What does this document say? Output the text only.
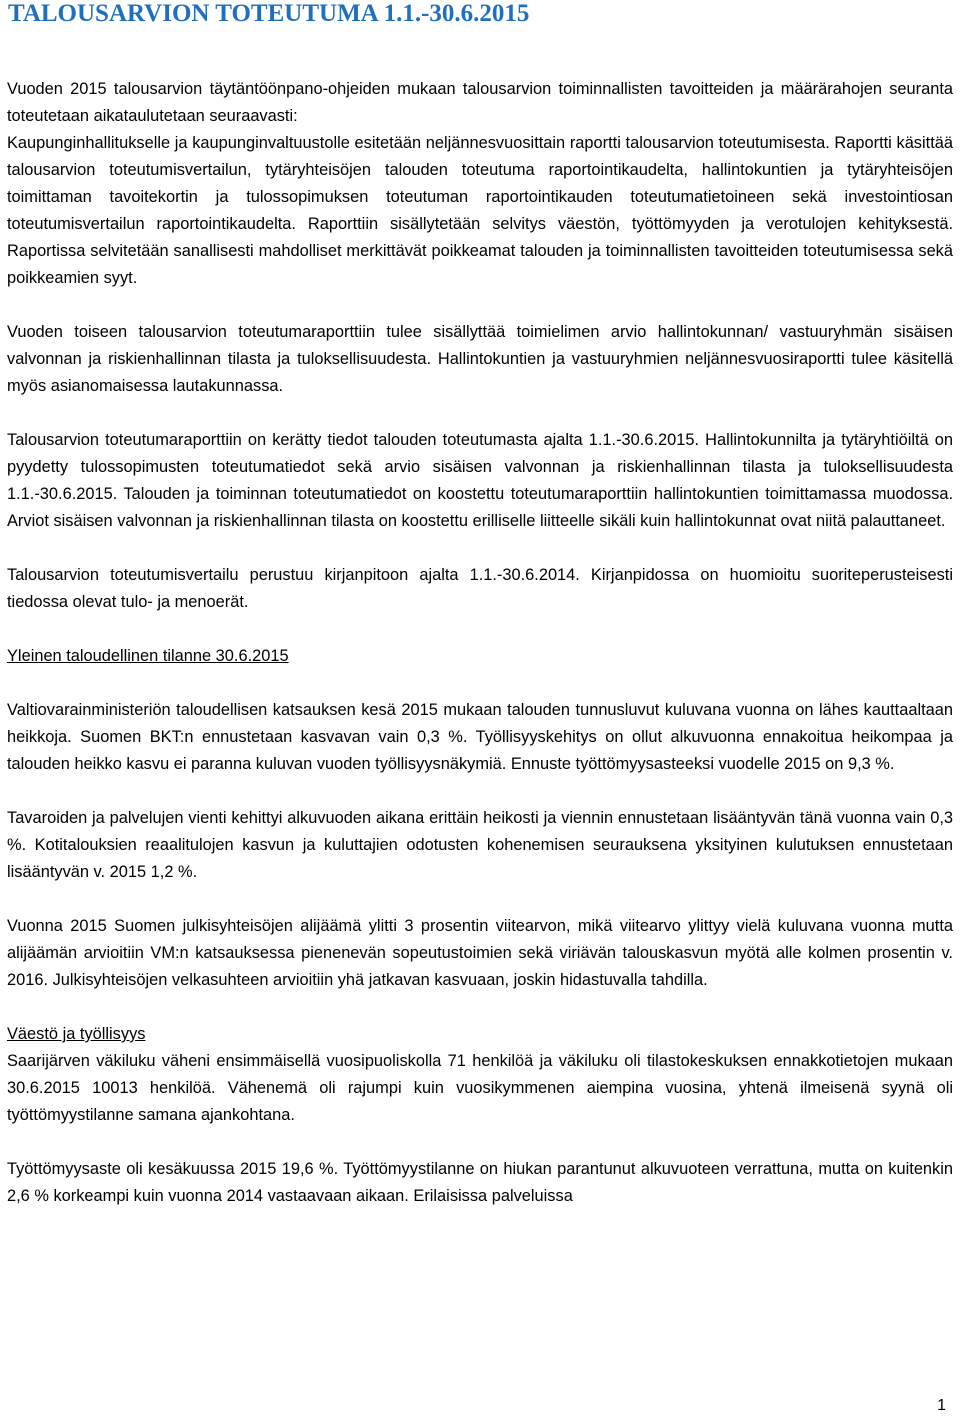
TALOUSARVION TOTEUTUMA 1.1.-30.6.2015

Vuoden 2015 talousarvion täytäntöönpano-ohjeiden mukaan talousarvion toiminnallisten tavoitteiden ja määrärahojen seuranta toteutetaan aikataulutetaan seuraavasti:

Kaupunginhallitukselle ja kaupunginvaltuustolle esitetään neljännesvuosittain raportti talousarvion toteutumisesta. Raportti käsittää talousarvion toteutumisvertailun, tytäryhteisöjen talouden toteutuma raportointikaudelta, hallintokuntien ja tytäryhteisöjen toimittaman tavoitekortin ja tulossopimuksen toteutuman raportointikauden toteutumatietoineen sekä investointiosan toteutumisvertailun raportointikaudelta. Raporttiin sisällytetään selvitys väestön, työttömyyden ja verotulojen kehityksestä. Raportissa selvitetään sanallisesti mahdolliset merkittävät poikkeamat talouden ja toiminnallisten tavoitteiden toteutumisessa sekä poikkeamien syyt.

Vuoden toiseen talousarvion toteutumaraporttiin tulee sisällyttää toimielimen arvio hallintokunnan/ vastuuryhmän sisäisen valvonnan ja riskienhallinnan tilasta ja tuloksellisuudesta. Hallintokuntien ja vastuuryhmien neljännesvuosiraportti tulee käsitellä myös asianomaisessa lautakunnassa.

Talousarvion toteutumaraporttiin on kerätty tiedot talouden toteutumasta ajalta 1.1.-30.6.2015. Hallintokunnilta ja tytäryhtiöiltä on pyydetty tulossopimusten toteutumatiedot sekä arvio sisäisen valvonnan ja riskienhallinnan tilasta ja tuloksellisuudesta 1.1.-30.6.2015. Talouden ja toiminnan toteutumatiedot on koostettu toteutumaraporttiin hallintokuntien toimittamassa muodossa. Arviot sisäisen valvonnan ja riskienhallinnan tilasta on koostettu erilliselle liitteelle sikäli kuin hallintokunnat ovat niitä palauttaneet.

Talousarvion toteutumisvertailu perustuu kirjanpitoon ajalta 1.1.-30.6.2014. Kirjanpidossa on huomioitu suoriteperusteisesti tiedossa olevat tulo- ja menoerät.

Yleinen taloudellinen tilanne 30.6.2015

Valtiovarainministeriön taloudellisen katsauksen kesä 2015 mukaan talouden tunnusluvut kuluvana vuonna on lähes kauttaaltaan heikkoja. Suomen BKT:n ennustetaan kasvavan vain 0,3 %. Työllisyyskehitys on ollut alkuvuonna ennakoitua heikompaa ja talouden heikko kasvu ei paranna kuluvan vuoden työllisyysnäkymiä. Ennuste työttömyysasteeksi vuodelle 2015 on 9,3 %.

Tavaroiden ja palvelujen vienti kehittyi alkuvuoden aikana erittäin heikosti ja viennin ennustetaan lisääntyvän tänä vuonna vain 0,3 %. Kotitalouksien reaalitulojen kasvun ja kuluttajien odotusten kohenemisen seurauksena yksityinen kulutuksen ennustetaan lisääntyvän v. 2015 1,2 %.

Vuonna 2015 Suomen julkisyhteisöjen alijäämä ylitti 3 prosentin viitearvon, mikä viitearvo ylittyy vielä kuluvana vuonna mutta alijäämän arvioitiin VM:n katsauksessa pienenevän sopeutustoimien sekä viriävän talouskasvun myötä alle kolmen prosentin v. 2016. Julkisyhteisöjen velkasuhteen arvioitiin yhä jatkavan kasvuaan, joskin hidastuvalla tahdilla.

Väestö ja työllisyys

Saarijärven väkiluku väheni ensimmäisellä vuosipuoliskolla 71 henkilöä ja väkiluku oli tilastokeskuksen ennakkotietojen mukaan 30.6.2015 10013 henkilöä. Vähenemä oli rajumpi kuin vuosikymmenen aiempina vuosina, yhtenä ilmeisenä syynä oli työttömyystilanne samana ajankohtana.

Työttömyysaste oli kesäkuussa 2015 19,6 %. Työttömyystilanne on hiukan parantunut alkuvuoteen verrattuna, mutta on kuitenkin 2,6 % korkeampi kuin vuonna 2014 vastaavaan aikaan. Erilaisissa palveluissa

1
